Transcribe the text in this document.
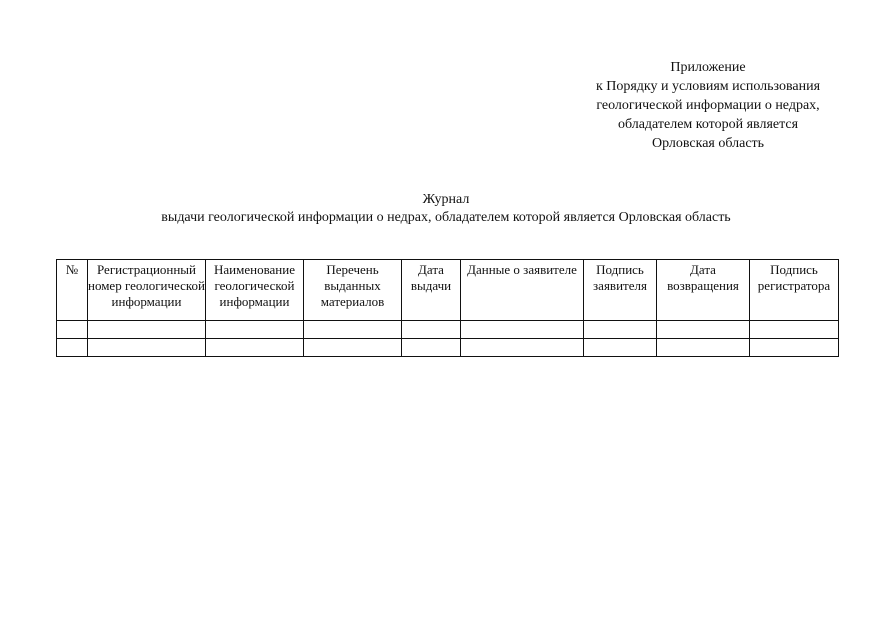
Приложение
к Порядку и условиям использования
геологической информации о недрах,
обладателем которой является
Орловская область
Журнал
выдачи геологической информации о недрах, обладателем которой является Орловская область
№	Регистрационный номер геологической информации	Наименование геологической информации	Перечень выданных материалов	Дата выдачи	Данные о заявителе	Подпись заявителя	Дата возвращения	Подпись регистратора
